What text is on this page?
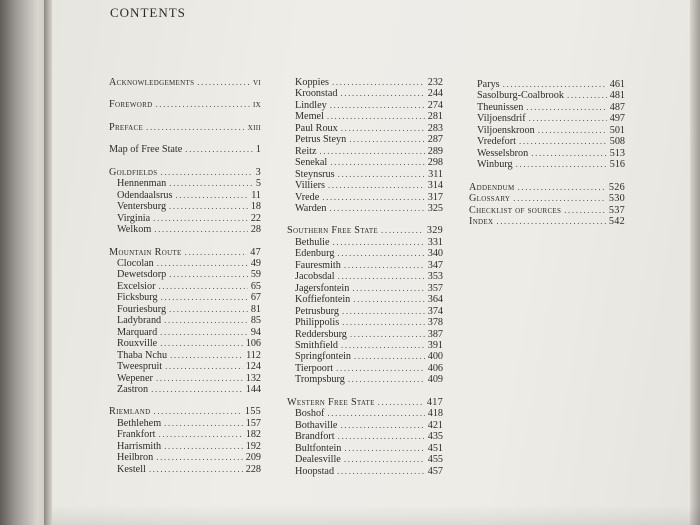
CONTENTS
Acknowledgements .....	vi
Foreword .....	ix
Preface .....	xiii
Map of Free State .....	1
Goldfields .....	3
Hennenman .....	5
Odendaalsrus .....	11
Ventersburg .....	18
Virginia .....	22
Welkom .....	28
Mountain Route .....	47
Clocolan .....	49
Dewetsdorp .....	59
Excelsior .....	65
Ficksburg .....	67
Fouriesburg .....	81
Ladybrand .....	85
Marquard .....	94
Rouxville .....	106
Thaba Nchu .....	112
Tweespruit .....	124
Wepener .....	132
Zastron .....	144
Riemland .....	155
Bethlehem .....	157
Frankfort .....	182
Harrismith .....	192
Heilbron .....	209
Kestell .....	228
Koppies .....	232
Kroonstad .....	244
Lindley .....	274
Memel .....	281
Paul Roux .....	283
Petrus Steyn .....	287
Reitz .....	289
Senekal .....	298
Steynsrus .....	311
Villiers .....	314
Vrede .....	317
Warden .....	325
Southern Free State .....	329
Bethulie .....	331
Edenburg .....	340
Fauresmith .....	347
Jacobsdal .....	353
Jagersfontein .....	357
Koffiefontein .....	364
Petrusburg .....	374
Philippolis .....	378
Reddersburg .....	387
Smithfield .....	391
Springfontein .....	400
Tierpoort .....	406
Trompsburg .....	409
Western Free State .....	417
Boshof .....	418
Bothaville .....	421
Brandfort .....	435
Bultfontein .....	451
Dealesville .....	455
Hoopstad .....	457
Parys .....	461
Sasolburg-Coalbrook .....	481
Theunissen .....	487
Viljoensdrif .....	497
Viljoenskroon .....	501
Vredefort .....	508
Wesselsbron .....	513
Winburg .....	516
Addendum .....	526
Glossary .....	530
Checklist of sources .....	537
Index .....	542
